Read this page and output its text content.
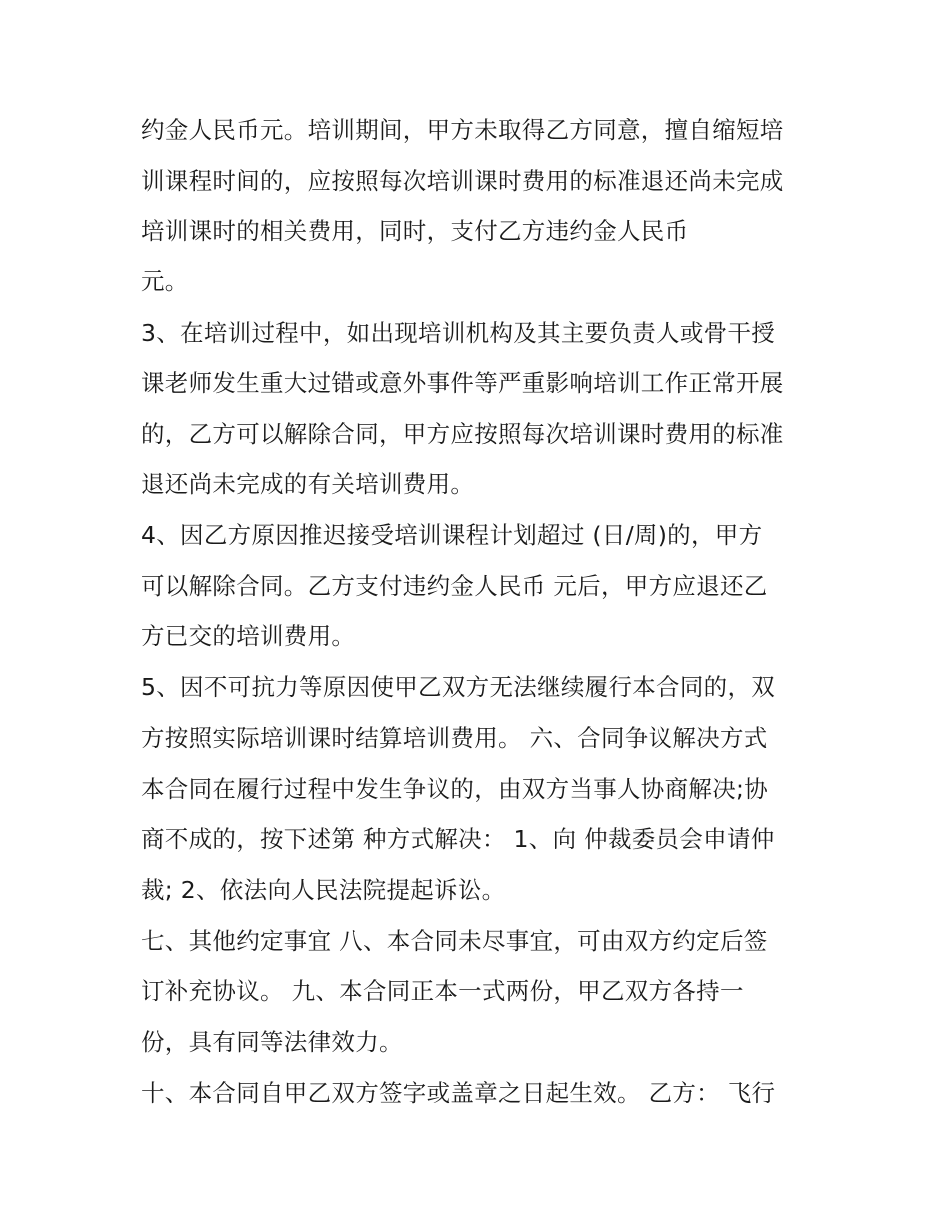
约金人民币元。培训期间，甲方未取得乙方同意，擅自缩短培
训课程时间的，应按照每次培训课时费用的标准退还尚未完成
培训课时的相关费用，同时，支付乙方违约金人民币
元。
3、在培训过程中，如出现培训机构及其主要负责人或骨干授
课老师发生重大过错或意外事件等严重影响培训工作正常开展
的，乙方可以解除合同，甲方应按照每次培训课时费用的标准
退还尚未完成的有关培训费用。
4、因乙方原因推迟接受培训课程计划超过 (日/周)的，甲方
可以解除合同。乙方支付违约金人民币 元后，甲方应退还乙
方已交的培训费用。
5、因不可抗力等原因使甲乙双方无法继续履行本合同的，双
方按照实际培训课时结算培训费用。 六、合同争议解决方式
本合同在履行过程中发生争议的，由双方当事人协商解决;协
商不成的，按下述第 种方式解决： 1、向 仲裁委员会申请仲
裁; 2、依法向人民法院提起诉讼。
七、其他约定事宜 八、本合同未尽事宜，可由双方约定后签
订补充协议。 九、本合同正本一式两份，甲乙双方各持一
份，具有同等法律效力。
十、本合同自甲乙双方签字或盖章之日起生效。 乙方： 飞行
